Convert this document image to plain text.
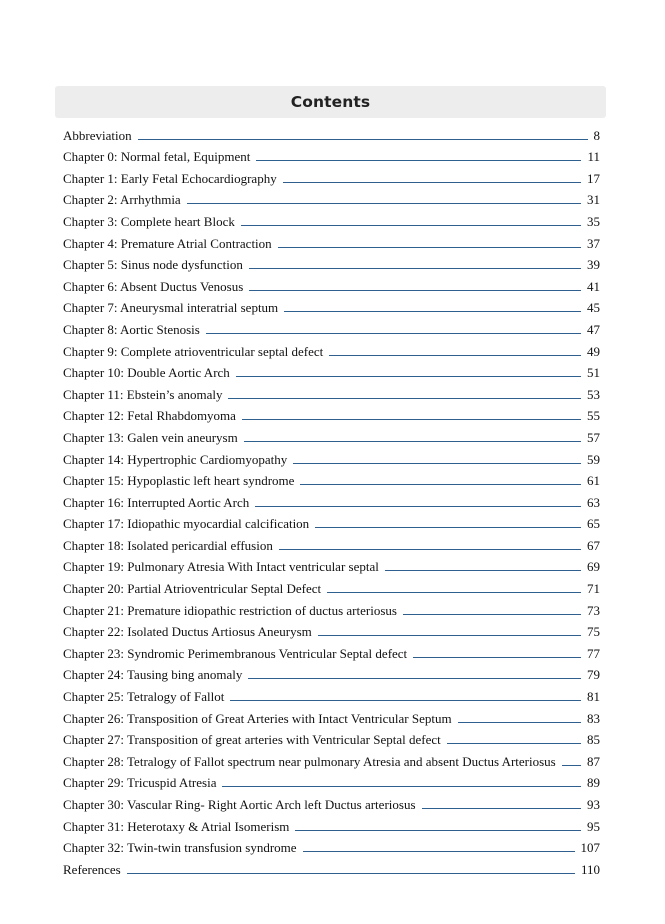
Contents
Abbreviation	8
Chapter 0: Normal fetal, Equipment	11
Chapter 1: Early Fetal Echocardiography	17
Chapter 2: Arrhythmia	31
Chapter 3: Complete heart Block	35
Chapter 4: Premature Atrial Contraction	37
Chapter 5: Sinus node dysfunction	39
Chapter 6: Absent Ductus Venosus	41
Chapter 7: Aneurysmal interatrial septum	45
Chapter 8: Aortic Stenosis	47
Chapter 9: Complete atrioventricular septal defect	49
Chapter 10: Double Aortic Arch	51
Chapter 11: Ebstein’s anomaly	53
Chapter 12: Fetal Rhabdomyoma	55
Chapter 13: Galen vein aneurysm	57
Chapter 14: Hypertrophic Cardiomyopathy	59
Chapter 15: Hypoplastic left heart syndrome	61
Chapter 16: Interrupted Aortic Arch	63
Chapter 17: Idiopathic myocardial calcification	65
Chapter 18: Isolated pericardial effusion	67
Chapter 19: Pulmonary Atresia With Intact ventricular septal	69
Chapter 20: Partial Atrioventricular Septal Defect	71
Chapter 21: Premature idiopathic restriction of ductus arteriosus	73
Chapter 22: Isolated Ductus Artiosus Aneurysm	75
Chapter 23: Syndromic Perimembranous Ventricular Septal defect	77
Chapter 24: Tausing bing anomaly	79
Chapter 25: Tetralogy of Fallot	81
Chapter 26: Transposition of Great Arteries with Intact Ventricular Septum	83
Chapter 27: Transposition of great arteries with Ventricular Septal defect	85
Chapter 28: Tetralogy of Fallot spectrum near pulmonary Atresia and absent Ductus Arteriosus 87
Chapter 29: Tricuspid Atresia	89
Chapter 30: Vascular Ring- Right Aortic Arch left Ductus arteriosus	93
Chapter 31: Heterotaxy & Atrial Isomerism	95
Chapter 32: Twin-twin transfusion syndrome	107
References	110
